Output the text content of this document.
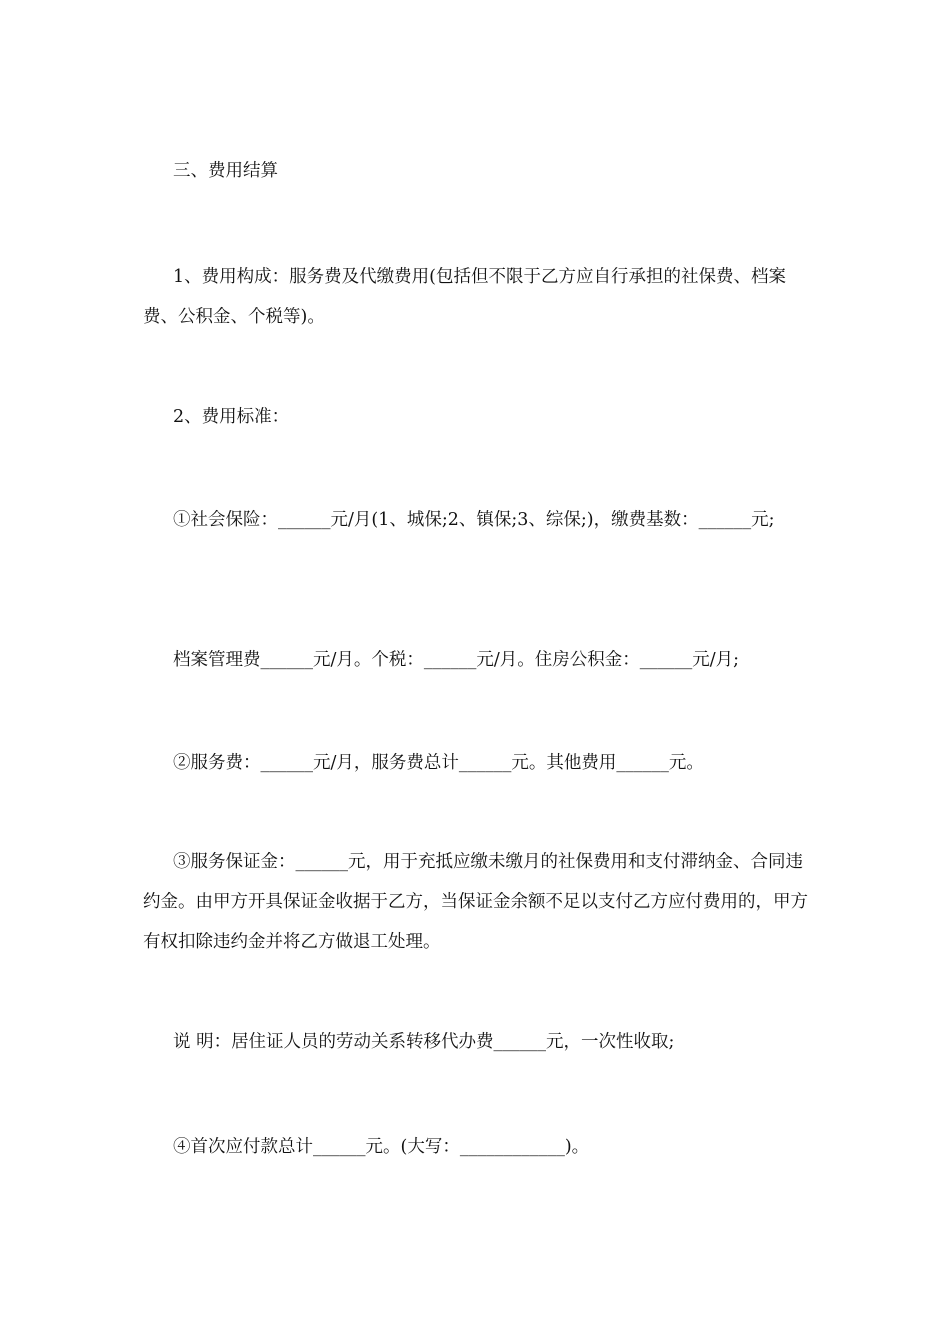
三、费用结算

1、费用构成：服务费及代缴费用(包括但不限于乙方应自行承担的社保费、档案费、公积金、个税等)。

2、费用标准：

①社会保险：______元/月(1、城保;2、镇保;3、综保;)，缴费基数：______元;

档案管理费______元/月。个税：______元/月。住房公积金：______元/月;

②服务费：______元/月，服务费总计______元。其他费用______元。

③服务保证金：______元，用于充抵应缴未缴月的社保费用和支付滞纳金、合同违约金。由甲方开具保证金收据于乙方，当保证金余额不足以支付乙方应付费用的，甲方有权扣除违约金并将乙方做退工处理。

说 明：居住证人员的劳动关系转移代办费______元，一次性收取;

④首次应付款总计______元。(大写：____________)。
